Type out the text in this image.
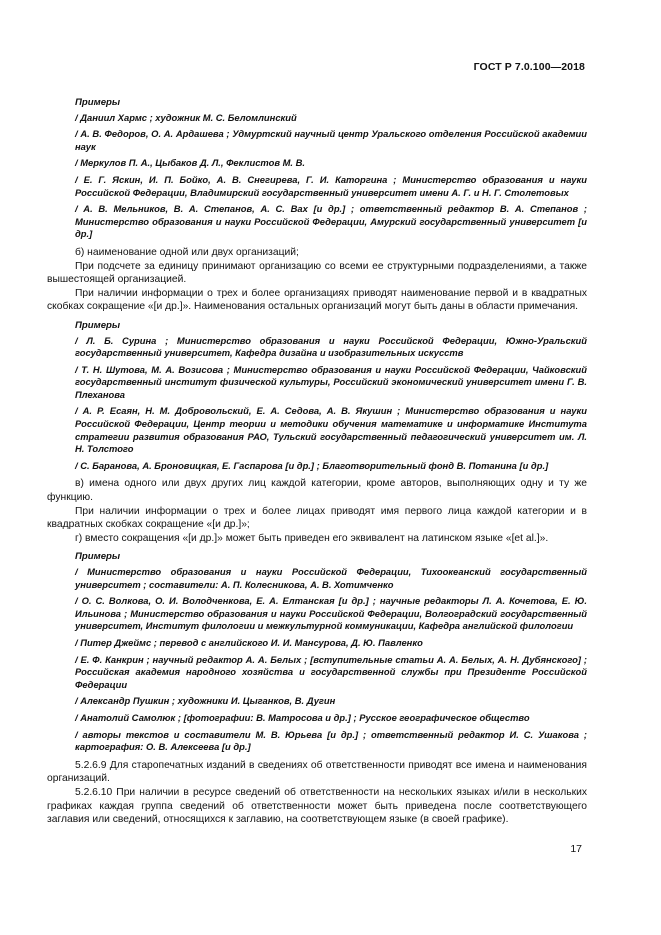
ГОСТ Р 7.0.100—2018
Примеры
/ Даниил Хармс ; художник М. С. Беломлинский
/ А. В. Федоров, О. А. Ардашева ; Удмуртский научный центр Уральского отделения Российской академии наук
/ Меркулов П. А., Цыбаков Д. Л., Феклистов М. В.
/ Е. Г. Яскин, И. П. Бойко, А. В. Снегирева, Г. И. Каторгина ; Министерство образования и науки Российской Федерации, Владимирский государственный университет имени А. Г. и Н. Г. Столетовых
/ А. В. Мельников, В. А. Степанов, А. С. Вах [и др.] ; ответственный редактор В. А. Степанов ; Министерство образования и науки Российской Федерации, Амурский государственный университет [и др.]

б) наименование одной или двух организаций;

При подсчете за единицу принимают организацию со всеми ее структурными подразделениями, а также вышестоящей организацией.

При наличии информации о трех и более организациях приводят наименование первой и в квадратных скобках сокращение «[и др.]». Наименования остальных организаций могут быть даны в области примечания.

Примеры
/ Л. Б. Сурина ; Министерство образования и науки Российской Федерации, Южно-Уральский государственный университет, Кафедра дизайна и изобразительных искусств
/ Т. Н. Шутова, М. А. Возисова ; Министерство образования и науки Российской Федерации, Чайковский государственный институт физической культуры, Российский экономический университет имени Г. В. Плеханова
/ А. Р. Есаян, Н. М. Добровольский, Е. А. Седова, А. В. Якушин ; Министерство образования и науки Российской Федерации, Центр теории и методики обучения математике и информатике Института стратегии развития образования РАО, Тульский государственный педагогический университет им. Л. Н. Толстого
/ С. Баранова, А. Броновицкая, Е. Гаспарова [и др.] ; Благотворительный фонд В. Потанина [и др.]

в) имена одного или двух других лиц каждой категории, кроме авторов, выполняющих одну и ту же функцию.

При наличии информации о трех и более лицах приводят имя первого лица каждой категории и в квадратных скобках сокращение «[и др.]»;

г) вместо сокращения «[и др.]» может быть приведен его эквивалент на латинском языке «[et al.]».

Примеры
/ Министерство образования и науки Российской Федерации, Тихоокеанский государственный университет ; составители: А. П. Колесникова, А. В. Хотимченко
/ О. С. Волкова, О. И. Володченкова, Е. А. Елтанская [и др.] ; научные редакторы Л. А. Кочетова, Е. Ю. Ильинова ; Министерство образования и науки Российской Федерации, Волгоградский государственный университет, Институт филологии и межкультурной коммуникации, Кафедра английской филологии
/ Питер Джеймс ; перевод с английского И. И. Мансурова, Д. Ю. Павленко
/ Е. Ф. Канкрин ; научный редактор А. А. Белых ; [вступительные статьи А. А. Белых, А. Н. Дубянского] ; Российская академия народного хозяйства и государственной службы при Президенте Российской Федерации
/ Александр Пушкин ; художники И. Цыганков, В. Дугин
/ Анатолий Самолюк ; [фотографии: В. Матросова и др.] ; Русское географическое общество
/ авторы текстов и составители М. В. Юрьева [и др.] ; ответственный редактор И. С. Ушакова ; картография: О. В. Алексеева [и др.]

5.2.6.9 Для старопечатных изданий в сведениях об ответственности приводят все имена и наименования организаций.

5.2.6.10 При наличии в ресурсе сведений об ответственности на нескольких языках и/или в нескольких графиках каждая группа сведений об ответственности может быть приведена после соответствующего заглавия или сведений, относящихся к заглавию, на соответствующем языке (в своей графике).

17
